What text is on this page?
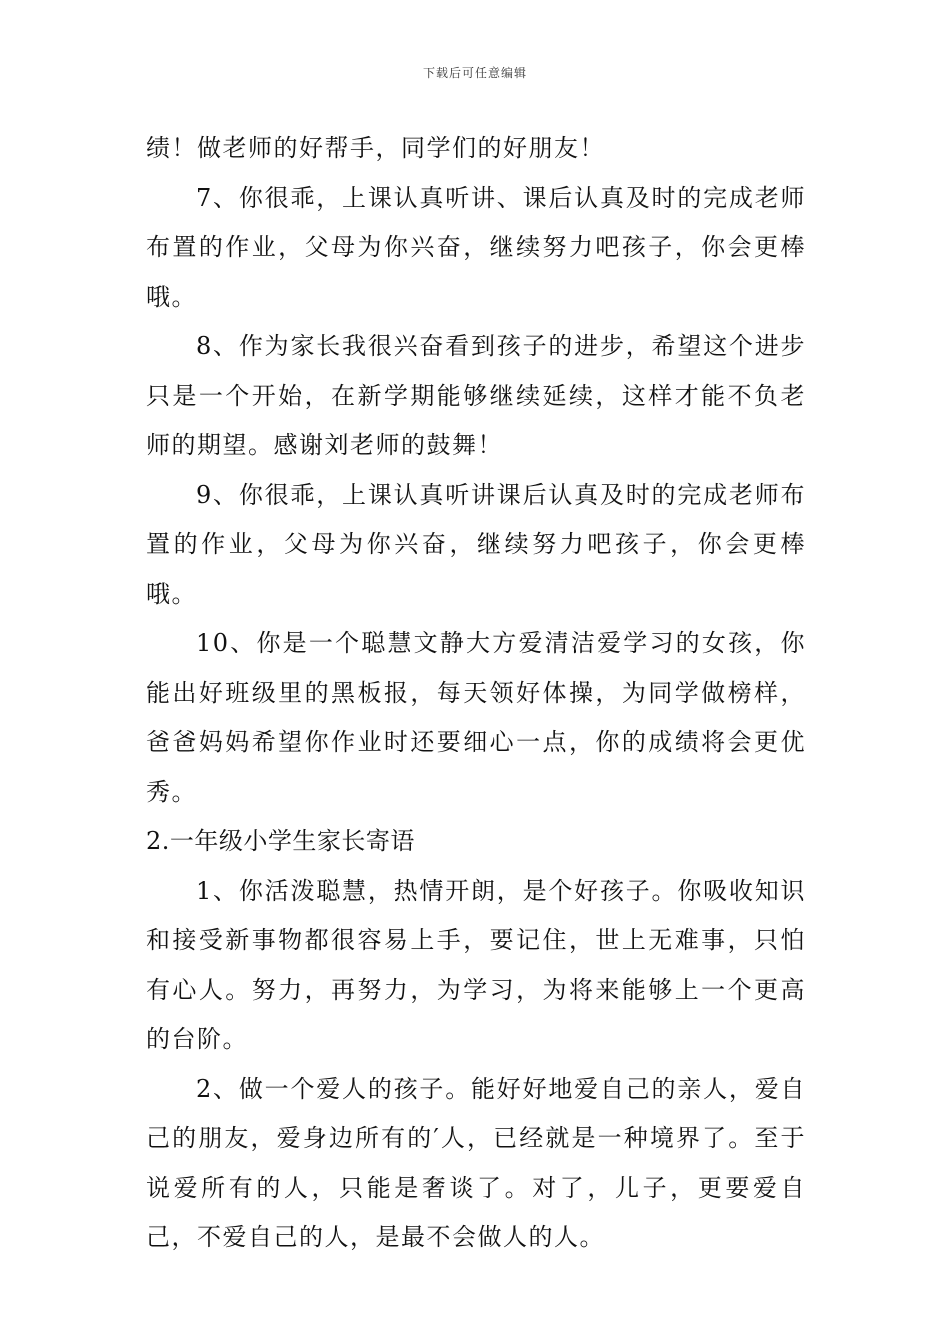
下载后可任意编辑

绩！做老师的好帮手，同学们的好朋友！

7、你很乖，上课认真听讲、课后认真及时的完成老师布置的作业，父母为你兴奋，继续努力吧孩子，你会更棒哦。

8、作为家长我很兴奋看到孩子的进步，希望这个进步只是一个开始，在新学期能够继续延续，这样才能不负老师的期望。感谢刘老师的鼓舞！

9、你很乖，上课认真听讲课后认真及时的完成老师布置的作业，父母为你兴奋，继续努力吧孩子，你会更棒哦。

10、你是一个聪慧文静大方爱清洁爱学习的女孩，你能出好班级里的黑板报，每天领好体操，为同学做榜样，爸爸妈妈希望你作业时还要细心一点，你的成绩将会更优秀。

2.一年级小学生家长寄语

1、你活泼聪慧，热情开朗，是个好孩子。你吸收知识和接受新事物都很容易上手，要记住，世上无难事，只怕有心人。努力，再努力，为学习，为将来能够上一个更高的台阶。

2、做一个爱人的孩子。能好好地爱自己的亲人，爱自己的朋友，爱身边所有的′人，已经就是一种境界了。至于说爱所有的人，只能是奢谈了。对了，儿子，更要爱自己，不爱自己的人，是最不会做人的人。
